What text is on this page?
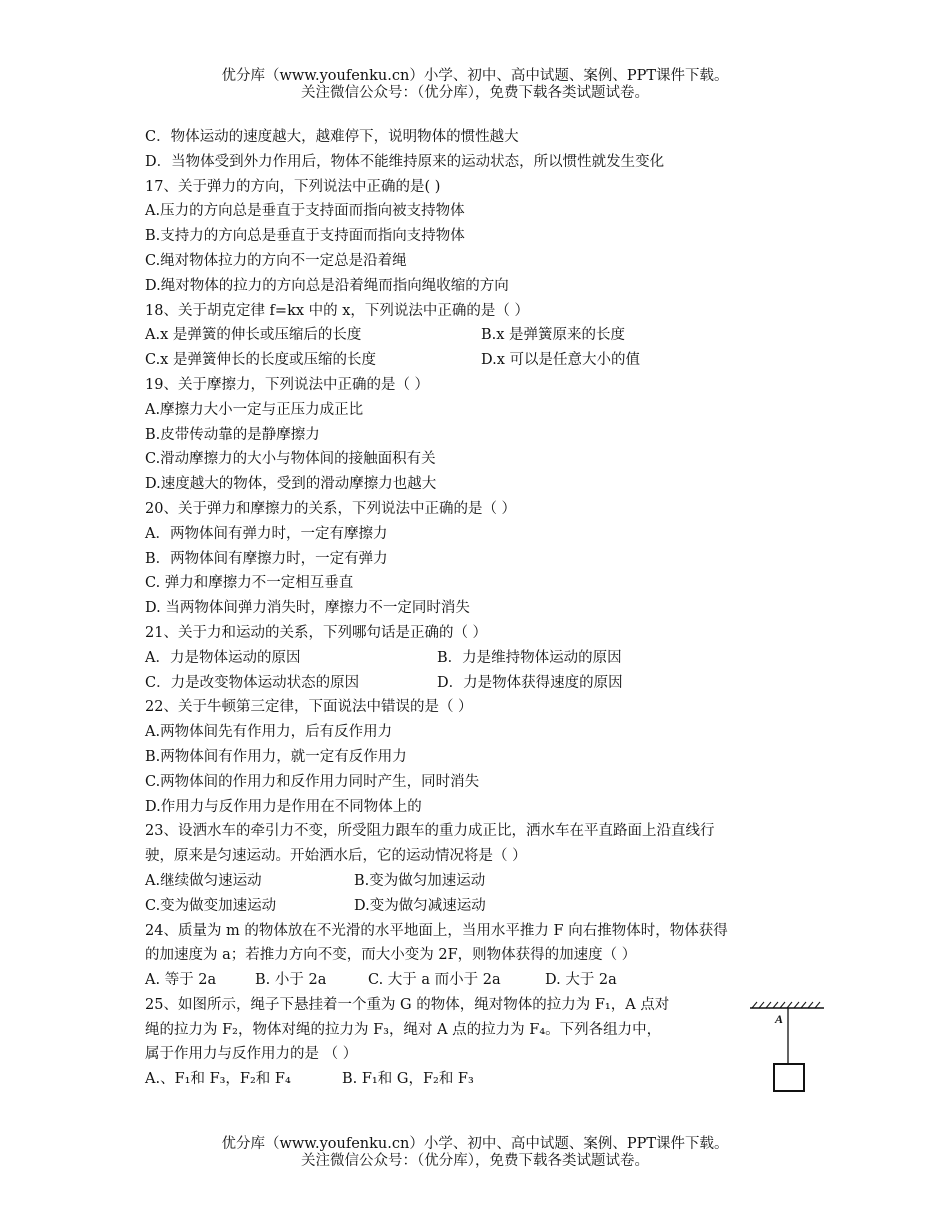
优分库（www.youfenku.cn）小学、初中、高中试题、案例、PPT课件下载。
关注微信公众号：（优分库），免费下载各类试题试卷。
C．物体运动的速度越大，越难停下，说明物体的惯性越大
D．当物体受到外力作用后，物体不能维持原来的运动状态，所以惯性就发生变化
17、关于弹力的方向，下列说法中正确的是( )
A.压力的方向总是垂直于支持面而指向被支持物体
B.支持力的方向总是垂直于支持面而指向支持物体
C.绳对物体拉力的方向不一定总是沿着绳
D.绳对物体的拉力的方向总是沿着绳而指向绳收缩的方向
18、关于胡克定律 f=kx 中的 x，下列说法中正确的是（ ）
A.x 是弹簧的伸长或压缩后的长度	B.x 是弹簧原来的长度
C.x 是弹簧伸长的长度或压缩的长度	D.x 可以是任意大小的值
19、关于摩擦力，下列说法中正确的是（ ）
A.摩擦力大小一定与正压力成正比
B.皮带传动靠的是静摩擦力
C.滑动摩擦力的大小与物体间的接触面积有关
D.速度越大的物体，受到的滑动摩擦力也越大
20、关于弹力和摩擦力的关系，下列说法中正确的是（ ）
A．两物体间有弹力时，一定有摩擦力
B．两物体间有摩擦力时，一定有弹力
C. 弹力和摩擦力不一定相互垂直
D. 当两物体间弹力消失时，摩擦力不一定同时消失
21、关于力和运动的关系，下列哪句话是正确的（ ）
A．力是物体运动的原因	B．力是维持物体运动的原因
C．力是改变物体运动状态的原因	D．力是物体获得速度的原因
22、关于牛顿第三定律，下面说法中错误的是（ ）
A.两物体间先有作用力，后有反作用力
B.两物体间有作用力，就一定有反作用力
C.两物体间的作用力和反作用力同时产生，同时消失
D.作用力与反作用力是作用在不同物体上的
23、设洒水车的牵引力不变，所受阻力跟车的重力成正比，洒水车在平直路面上沿直线行
驶，原来是匀速运动。开始洒水后，它的运动情况将是（ ）
A.继续做匀速运动	B.变为做匀加速运动
C.变为做变加速运动	D.变为做匀减速运动
24、质量为 m 的物体放在不光滑的水平地面上，当用水平推力 F 向右推物体时，物体获得
的加速度为 a；若推力方向不变，而大小变为 2F，则物体获得的加速度（ ）
A. 等于 2a	B. 小于 2a	C. 大于 a 而小于 2a	D. 大于 2a
25、如图所示，绳子下悬挂着一个重为 G 的物体，绳对物体的拉力为 F₁，A 点对
绳的拉力为 F₂，物体对绳的拉力为 F₃，绳对 A 点的拉力为 F₄。下列各组力中，
属于作用力与反作用力的是 （ ）
A.、F₁和 F₃，F₂和 F₄	B. F₁和 G，F₂和 F₃
A
优分库（www.youfenku.cn）小学、初中、高中试题、案例、PPT课件下载。
关注微信公众号：（优分库），免费下载各类试题试卷。
